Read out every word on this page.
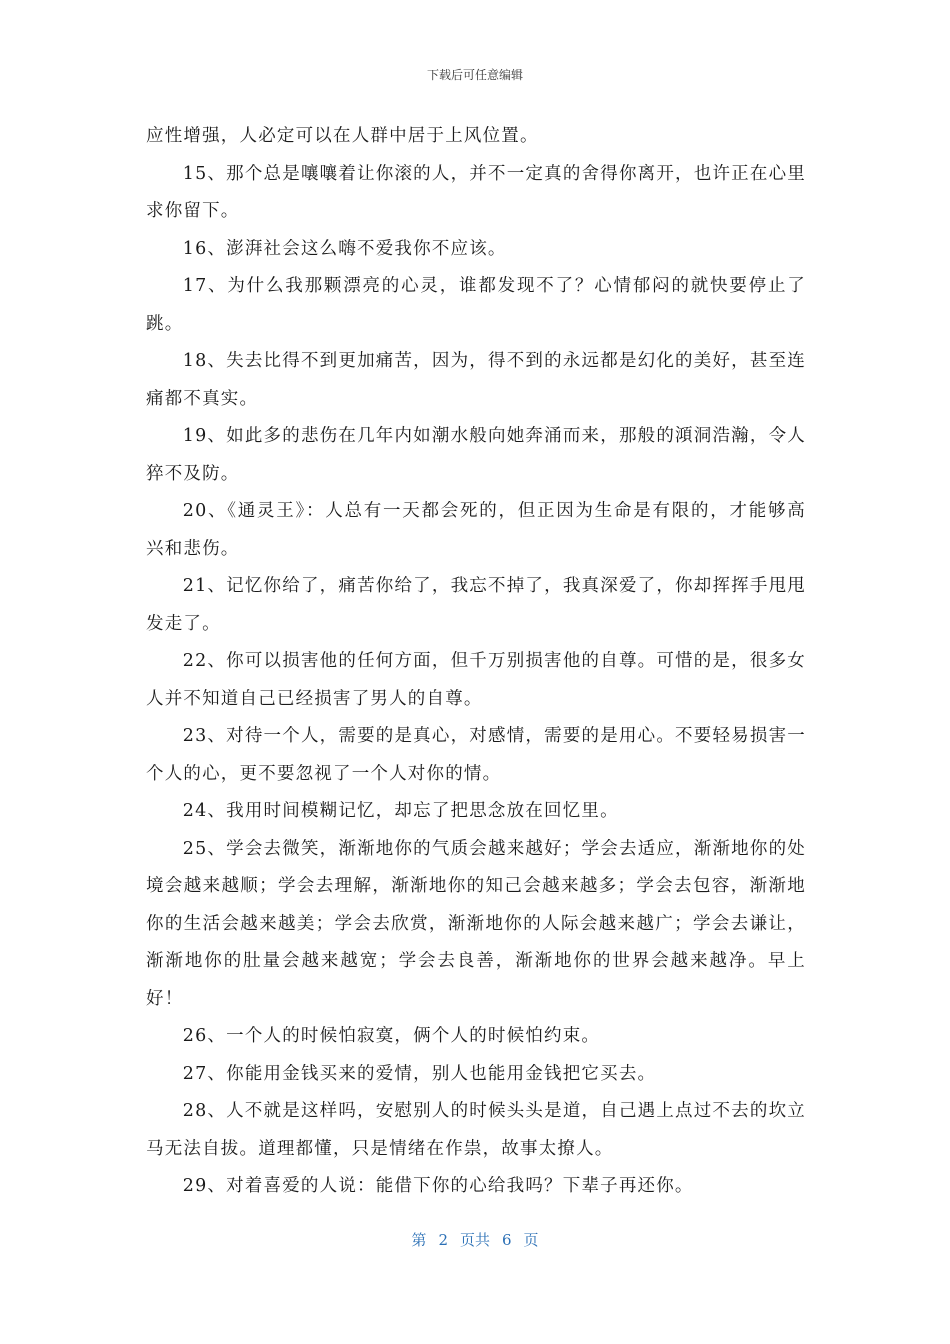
下载后可任意编辑

应性增强，人必定可以在人群中居于上风位置。

15、那个总是嚷嚷着让你滚的人，并不一定真的舍得你离开，也许正在心里求你留下。

16、澎湃社会这么嗨不爱我你不应该。

17、为什么我那颗漂亮的心灵，谁都发现不了？心情郁闷的就快要停止了跳。

18、失去比得不到更加痛苦，因为，得不到的永远都是幻化的美好，甚至连痛都不真实。

19、如此多的悲伤在几年内如潮水般向她奔涌而来，那般的澒洞浩瀚，令人猝不及防。

20、《通灵王》：人总有一天都会死的，但正因为生命是有限的，才能够高兴和悲伤。

21、记忆你给了，痛苦你给了，我忘不掉了，我真深爱了，你却挥挥手甩甩发走了。

22、你可以损害他的任何方面，但千万别损害他的自尊。可惜的是，很多女人并不知道自己已经损害了男人的自尊。

23、对待一个人，需要的是真心，对感情，需要的是用心。不要轻易损害一个人的心，更不要忽视了一个人对你的情。

24、我用时间模糊记忆，却忘了把思念放在回忆里。

25、学会去微笑，渐渐地你的气质会越来越好；学会去适应，渐渐地你的处境会越来越顺；学会去理解，渐渐地你的知己会越来越多；学会去包容，渐渐地你的生活会越来越美；学会去欣赏，渐渐地你的人际会越来越广；学会去谦让，渐渐地你的肚量会越来越宽；学会去良善，渐渐地你的世界会越来越净。早上好！

26、一个人的时候怕寂寞，俩个人的时候怕约束。

27、你能用金钱买来的爱情，别人也能用金钱把它买去。

28、人不就是这样吗，安慰别人的时候头头是道，自己遇上点过不去的坎立马无法自拔。道理都懂，只是情绪在作祟，故事太撩人。

29、对着喜爱的人说：能借下你的心给我吗？下辈子再还你。

第 2 页共 6 页
